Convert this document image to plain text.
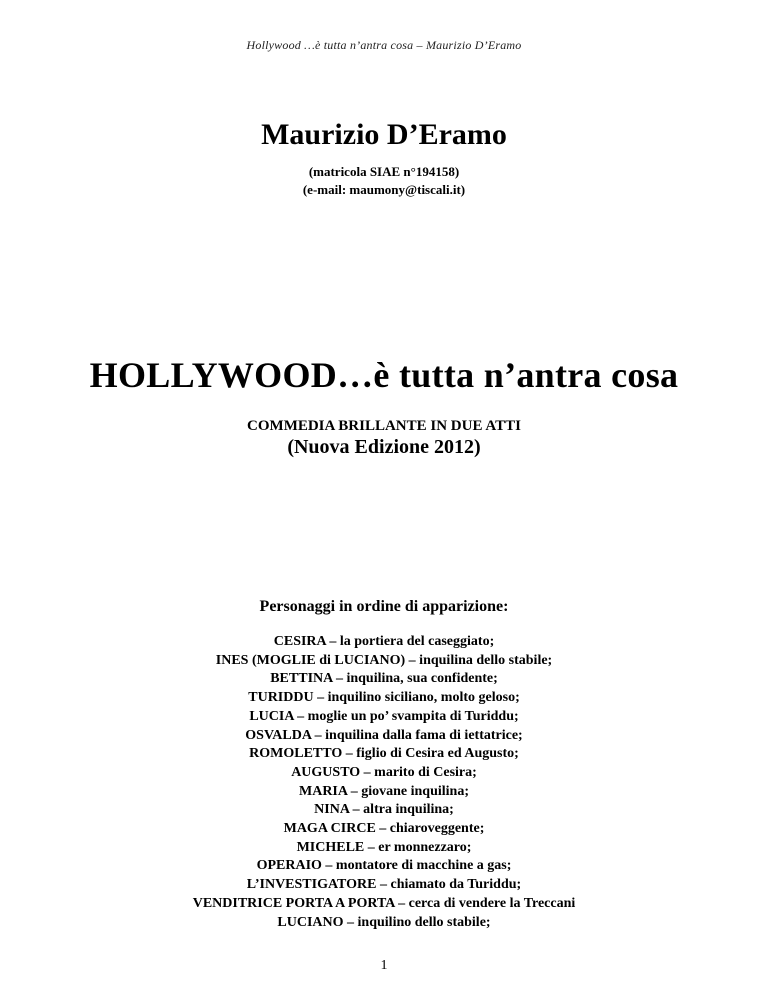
Hollywood …è tutta n’antra cosa – Maurizio D’Eramo
Maurizio D’Eramo
(matricola SIAE n°194158)
(e-mail: maumony@tiscali.it)
HOLLYWOOD…è tutta n’antra cosa
COMMEDIA BRILLANTE IN DUE ATTI
(Nuova Edizione 2012)
Personaggi in ordine di apparizione:
CESIRA – la portiera del caseggiato;
INES (MOGLIE di LUCIANO) – inquilina dello stabile;
BETTINA – inquilina, sua confidente;
TURIDDU – inquilino siciliano, molto geloso;
LUCIA – moglie un po’ svampita di Turiddu;
OSVALDA – inquilina dalla fama di iettatrice;
ROMOLETTO – figlio di Cesira ed Augusto;
AUGUSTO – marito di Cesira;
MARIA – giovane inquilina;
NINA – altra inquilina;
MAGA CIRCE – chiaroveggente;
MICHELE – er monnezzaro;
OPERAIO – montatore di macchine a gas;
L’INVESTIGATORE – chiamato da Turiddu;
VENDITRICE PORTA A PORTA – cerca di vendere la Treccani
LUCIANO – inquilino dello stabile;
1
